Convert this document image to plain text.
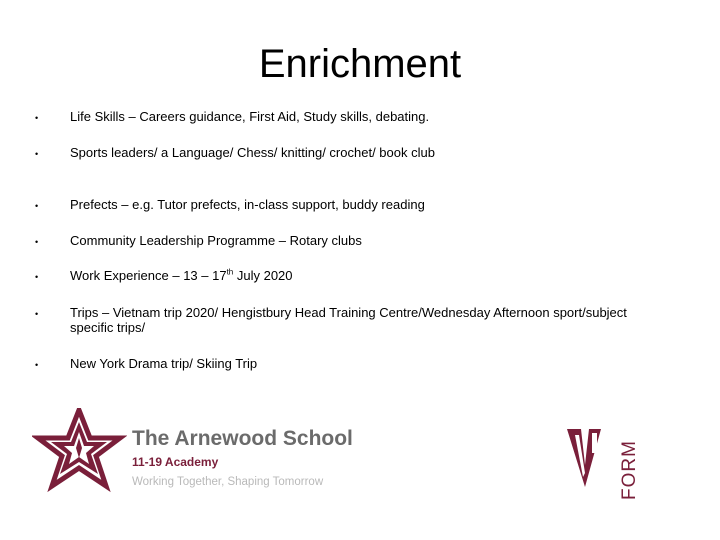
Enrichment
•	Life Skills – Careers guidance, First Aid, Study skills, debating.
•	Sports leaders/ a Language/ Chess/ knitting/ crochet/ book club
•	Prefects – e.g. Tutor prefects, in-class support, buddy reading
•	Community Leadership Programme – Rotary clubs
•	Work Experience – 13 – 17th July 2020
•	Trips – Vietnam trip 2020/ Hengistbury Head Training Centre/Wednesday Afternoon sport/subject
specific trips/
•	New York Drama trip/ Skiing Trip
The Arnewood School
11-19 Academy
Working Together, Shaping Tomorrow	FORM
